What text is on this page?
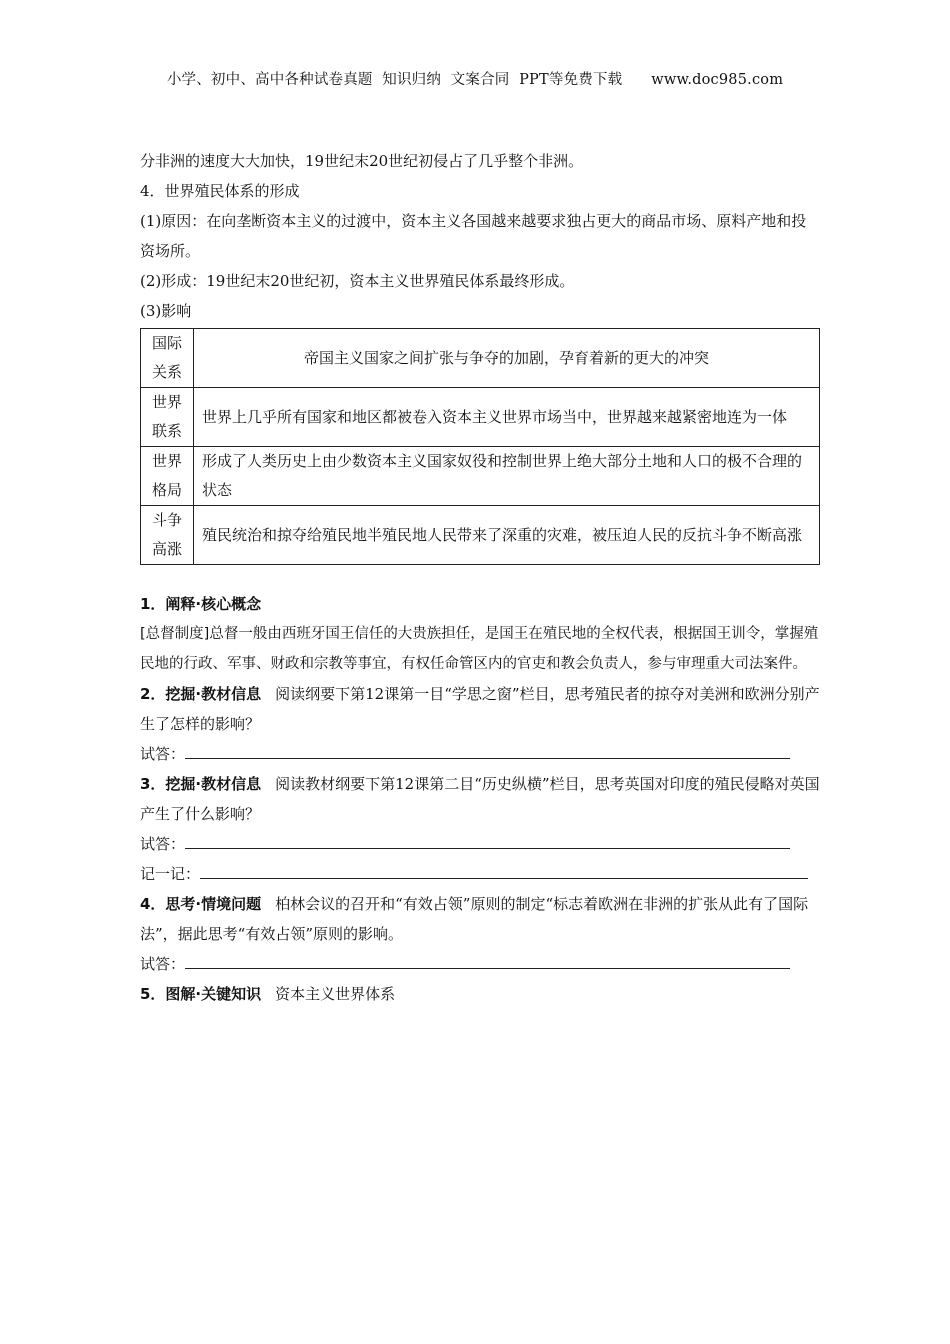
小学、初中、高中各种试卷真题  知识归纳  文案合同  PPT等免费下载      www.doc985.com
分非洲的速度大大加快，19世纪末20世纪初侵占了几乎整个非洲。
4．世界殖民体系的形成
(1)原因：在向垄断资本主义的过渡中，资本主义各国越来越要求独占更大的商品市场、原料产地和投资场所。
(2)形成：19世纪末20世纪初，资本主义世界殖民体系最终形成。
(3)影响
国际
关系	帝国主义国家之间扩张与争夺的加剧，孕育着新的更大的冲突
世界
联系	世界上几乎所有国家和地区都被卷入资本主义世界市场当中，世界越来越紧密地连为一体
世界
格局	形成了人类历史上由少数资本主义国家奴役和控制世界上绝大部分土地和人口的极不合理的状态
斗争
高涨	殖民统治和掠夺给殖民地半殖民地人民带来了深重的灾难，被压迫人民的反抗斗争不断高涨
1．阐释·核心概念
[总督制度]总督一般由西班牙国王信任的大贵族担任，是国王在殖民地的全权代表，根据国王训令，掌握殖民地的行政、军事、财政和宗教等事宜，有权任命管区内的官吏和教会负责人，参与审理重大司法案件。
2．挖掘·教材信息 阅读纲要下第12课第一目“学思之窗”栏目，思考殖民者的掠夺对美洲和欧洲分别产生了怎样的影响？
试答：
3．挖掘·教材信息 阅读教材纲要下第12课第二目“历史纵横”栏目，思考英国对印度的殖民侵略对英国产生了什么影响？
试答：
记一记：
4．思考·情境问题 柏林会议的召开和“有效占领”原则的制定“标志着欧洲在非洲的扩张从此有了国际法”，据此思考“有效占领”原则的影响。
试答：
5．图解·关键知识 资本主义世界体系
